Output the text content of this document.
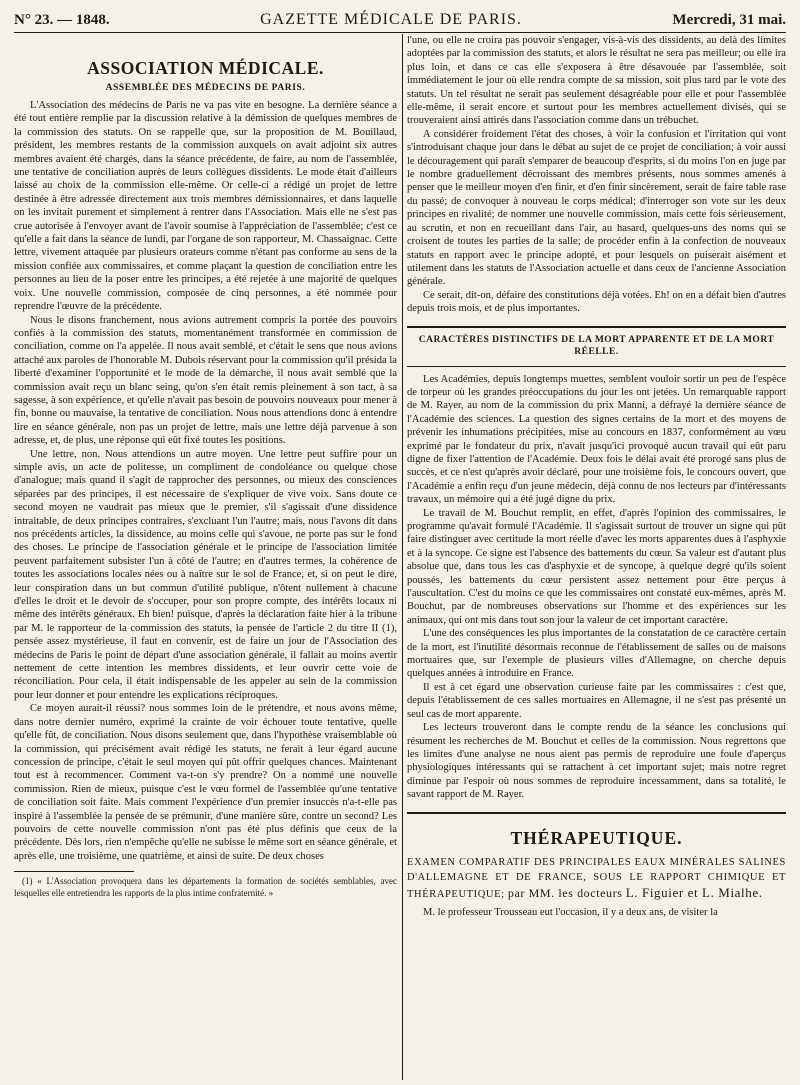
N° 23. — 1848.	GAZETTE MÉDICALE DE PARIS.	Mercredi, 31 mai.
ASSOCIATION MÉDICALE.
ASSEMBLÉE DES MÉDECINS DE PARIS.

L'Association des médecins de Paris ne va pas vite en besogne. La dernière séance a été tout entière remplie par la discussion relative à la démission de quelques membres de la commission des statuts. On se rappelle que, sur la proposition de M. Bouillaud, président, les membres restants de la commission auxquels on avait adjoint six autres membres avaient été chargés, dans la séance précédente, de faire, au nom de l'assemblée, une tentative de conciliation auprès de leurs collègues dissidents. Le mode était d'ailleurs laissé au choix de la commission elle-même. Or celle-ci a rédigé un projet de lettre destinée à être adressée directement aux trois membres démissionnaires, et dans laquelle on les invitait purement et simplement à rentrer dans l'Association. Mais elle ne s'est pas crue autorisée à l'envoyer avant de l'avoir soumise à l'appréciation de l'assemblée; c'est ce qu'elle a fait dans la séance de lundi, par l'organe de son rapporteur, M. Chassaignac. Cette lettre, vivement attaquée par plusieurs orateurs comme n'étant pas conforme au sens de la mission confiée aux commissaires, et comme plaçant la question de conciliation entre les personnes au lieu de la poser entre les principes, a été rejetée à une majorité de quelques voix. Une nouvelle commission, composée de cinq personnes, a été nommée pour reprendre l'œuvre de la précédente.

Nous le disons franchement, nous avions autrement compris la portée des pouvoirs confiés à la commission des statuts, momentanément transformée en commission de conciliation, comme on l'a appelée. Il nous avait semblé, et c'était le sens que nous avions attaché aux paroles de l'honorable M. Dubois réservant pour la commission qu'il présida la liberté d'examiner l'opportunité et le mode de la démarche, il nous avait semblé que la commission avait reçu un blanc seing, qu'on s'en était remis pleinement à son tact, à sa sagesse, à son expérience, et qu'elle n'avait pas besoin de pouvoirs nouveaux pour mener à fin, bonne ou mauvaise, la tentative de conciliation. Nous nous attendions donc à entendre lire en séance générale, non pas un projet de lettre, mais une lettre déjà parvenue à son adresse, et, de plus, une réponse qui eût fixé toutes les positions.

Une lettre, non. Nous attendions un autre moyen. Une lettre peut suffire pour un simple avis, un acte de politesse, un compliment de condoléance ou quelque chose d'analogue; mais quand il s'agit de rapprocher des personnes, ou mieux des consciences séparées par des principes, il est nécessaire de s'expliquer de vive voix. Sans doute ce second moyen ne vaudrait pas mieux que le premier, s'il s'agissait d'une dissidence intraitable, de deux principes contraires, s'excluant l'un l'autre; mais, nous l'avons dit dans nos précédents articles, la dissidence, au moins celle qui s'avoue, ne porte pas sur le fond des choses. Le principe de l'association générale et le principe de l'association limitée peuvent parfaitement subsister l'un à côté de l'autre; en d'autres termes, la cohérence de toutes les associations locales nées ou à naître sur le sol de France, et, si on peut le dire, leur conspiration dans un but commun d'utilité publique, n'ôtent nullement à chacune d'elles le droit et le devoir de s'occuper, pour son propre compte, des intérêts locaux ni même des intérêts généraux. Eh bien! puisque, d'après la déclaration faite hier à la tribune par M. le rapporteur de la commission des statuts, la pensée de l'article 2 du titre II (1), pensée assez mystérieuse, il faut en convenir, est de faire un jour de l'Association des médecins de Paris le point de départ d'une association générale, il fallait au moins avertir nettement de cette intention les membres dissidents, et leur ouvrir cette voie de réconciliation. Pour cela, il était indispensable de les appeler au sein de la commission pour leur donner et pour entendre les explications réciproques.

Ce moyen aurait-il réussi? nous sommes loin de le prétendre, et nous avons même, dans notre dernier numéro, exprimé la crainte de voir échouer toute tentative, quelle qu'elle fût, de conciliation. Nous disons seulement que, dans l'hypothèse vraisemblable où la commission, qui précisément avait rédigé les statuts, ne ferait à leur égard aucune concession de principe, c'était le seul moyen qui pût offrir quelques chances. Maintenant tout est à recommencer. Comment va-t-on s'y prendre? On a nommé une nouvelle commission. Rien de mieux, puisque c'est le vœu formel de l'assemblée qu'une tentative de conciliation soit faite. Mais comment l'expérience d'un premier insuccès n'a-t-elle pas inspiré à l'assemblée la pensée de se prémunir, d'une manière sûre, contre un second? Les pouvoirs de cette nouvelle commission n'ont pas été plus définis que ceux de la précédente. Dès lors, rien n'empêche qu'elle ne subisse le même sort en séance générale, et après elle, une troisième, une quatrième, et ainsi de suite. De deux choses

(1) « L'Association provoquera dans les départements la formation de sociétés semblables, avec lesquelles elle entretiendra les rapports de la plus intime confraternité. »

l'une, ou elle ne croira pas pouvoir s'engager, vis-à-vis des dissidents, au delà des limites adoptées par la commission des statuts, et alors le résultat ne sera pas meilleur; ou elle ira plus loin, et dans ce cas elle s'exposera à être désavouée par l'assemblée, soit immédiatement le jour où elle rendra compte de sa mission, soit plus tard par le vote des statuts. Un tel résultat ne serait pas seulement désagréable pour elle et pour l'assemblée elle-même, il serait encore et surtout pour les membres actuellement divisés, qui se trouveraient ainsi attirés dans l'association comme dans un trébuchet.

A considérer froidement l'état des choses, à voir la confusion et l'irritation qui vont s'introduisant chaque jour dans le débat au sujet de ce projet de conciliation; à voir aussi le découragement qui paraît s'emparer de beaucoup d'esprits, si du moins l'on en juge par le nombre graduellement décroissant des membres présents, nous sommes amenés à penser que le meilleur moyen d'en finir, et d'en finir sincèrement, serait de faire table rase du passé; de convoquer à nouveau le corps médical; d'interroger son vote sur les deux principes en rivalité; de nommer une nouvelle commission, mais cette fois sérieusement, au scrutin, et non en recueillant dans l'air, au hasard, quelques-uns des noms qui se croisent de toutes les parties de la salle; de procéder enfin à la confection de nouveaux statuts en rapport avec le principe adopté, et pour lesquels on puiserait aisément et utilement dans les statuts de l'Association actuelle et dans ceux de l'ancienne Association générale.

Ce serait, dit-on, défaire des constitutions déjà votées. Eh! on en a défait bien d'autres depuis trois mois, et de plus importantes.

CARACTÈRES DISTINCTIFS DE LA MORT APPARENTE ET DE LA MORT RÉELLE.

Les Académies, depuis longtemps muettes, semblent vouloir sortir un peu de l'espèce de torpeur où les grandes préoccupations du jour les ont jetées. Un remarquable rapport de M. Rayer, au nom de la commission du prix Manni, a défrayé la dernière séance de l'Académie des sciences. La question des signes certains de la mort et des moyens de prévenir les inhumations précipitées, mise au concours en 1837, conformément au vœu exprimé par le fondateur du prix, n'avait jusqu'ici provoqué aucun travail qui eût paru digne de fixer l'attention de l'Académie. Deux fois le délai avait été prorogé sans plus de succès, et ce n'est qu'après avoir déclaré, pour une troisième fois, le concours ouvert, que l'Académie a enfin reçu d'un jeune médecin, déjà connu de nos lecteurs par d'intéressants travaux, un mémoire qui a été jugé digne du prix.

Le travail de M. Bouchut remplit, en effet, d'après l'opinion des commissaires, le programme qu'avait formulé l'Académie. Il s'agissait surtout de trouver un signe qui pût faire distinguer avec certitude la mort réelle d'avec les morts apparentes dues à l'asphyxie et à la syncope. Ce signe est l'absence des battements du cœur. Sa valeur est d'autant plus absolue que, dans tous les cas d'asphyxie et de syncope, à quelque degré qu'ils soient poussés, les battements du cœur persistent assez nettement pour être perçus à l'auscultation. C'est du moins ce que les commissaires ont constaté eux-mêmes, après M. Bouchut, par de nombreuses observations sur l'homme et des expériences sur les animaux, qui ont mis dans tout son jour la valeur de cet important caractère.

L'une des conséquences les plus importantes de la constatation de ce caractère certain de la mort, est l'inutilité désormais reconnue de l'établissement de salles ou de maisons mortuaires que, sur l'exemple de plusieurs villes d'Allemagne, on cherche depuis quelques années à introduire en France.

Il est à cet égard une observation curieuse faite par les commissaires : c'est que, depuis l'établissement de ces salles mortuaires en Allemagne, il ne s'est pas présenté un seul cas de mort apparente.

Les lecteurs trouveront dans le compte rendu de la séance les conclusions qui résument les recherches de M. Bouchut et celles de la commission. Nous regrettons que les limites d'une analyse ne nous aient pas permis de reproduire une foule d'aperçus physiologiques intéressants qui se rattachent à cet important sujet; mais notre regret diminue par l'espoir où nous sommes de reproduire incessamment, dans sa totalité, le savant rapport de M. Rayer.

THÉRAPEUTIQUE.
EXAMEN COMPARATIF DES PRINCIPALES EAUX MINÉRALES SALINES D'ALLEMAGNE ET DE FRANCE, SOUS LE RAPPORT CHIMIQUE ET THÉRAPEUTIQUE; par MM. les docteurs L. Figuier et L. Mialhe.

M. le professeur Trousseau eut l'occasion, il y a deux ans, de visiter la
